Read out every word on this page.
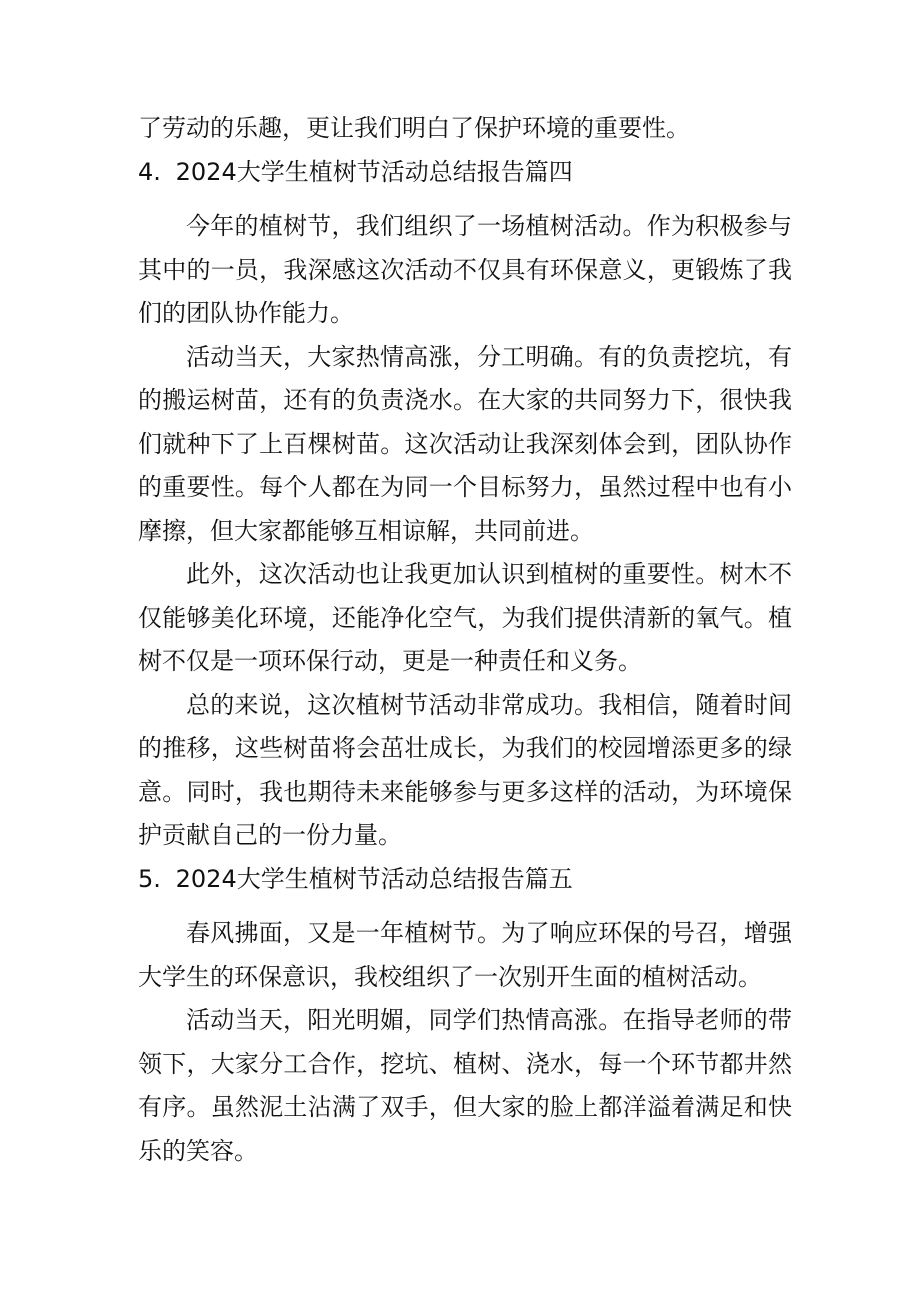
了劳动的乐趣，更让我们明白了保护环境的重要性。

4. 2024大学生植树节活动总结报告篇四

今年的植树节，我们组织了一场植树活动。作为积极参与其中的一员，我深感这次活动不仅具有环保意义，更锻炼了我们的团队协作能力。

活动当天，大家热情高涨，分工明确。有的负责挖坑，有的搬运树苗，还有的负责浇水。在大家的共同努力下，很快我们就种下了上百棵树苗。这次活动让我深刻体会到，团队协作的重要性。每个人都在为同一个目标努力，虽然过程中也有小摩擦，但大家都能够互相谅解，共同前进。

此外，这次活动也让我更加认识到植树的重要性。树木不仅能够美化环境，还能净化空气，为我们提供清新的氧气。植树不仅是一项环保行动，更是一种责任和义务。

总的来说，这次植树节活动非常成功。我相信，随着时间的推移，这些树苗将会茁壮成长，为我们的校园增添更多的绿意。同时，我也期待未来能够参与更多这样的活动，为环境保护贡献自己的一份力量。

5. 2024大学生植树节活动总结报告篇五

春风拂面，又是一年植树节。为了响应环保的号召，增强大学生的环保意识，我校组织了一次别开生面的植树活动。

活动当天，阳光明媚，同学们热情高涨。在指导老师的带领下，大家分工合作，挖坑、植树、浇水，每一个环节都井然有序。虽然泥土沾满了双手，但大家的脸上都洋溢着满足和快乐的笑容。
